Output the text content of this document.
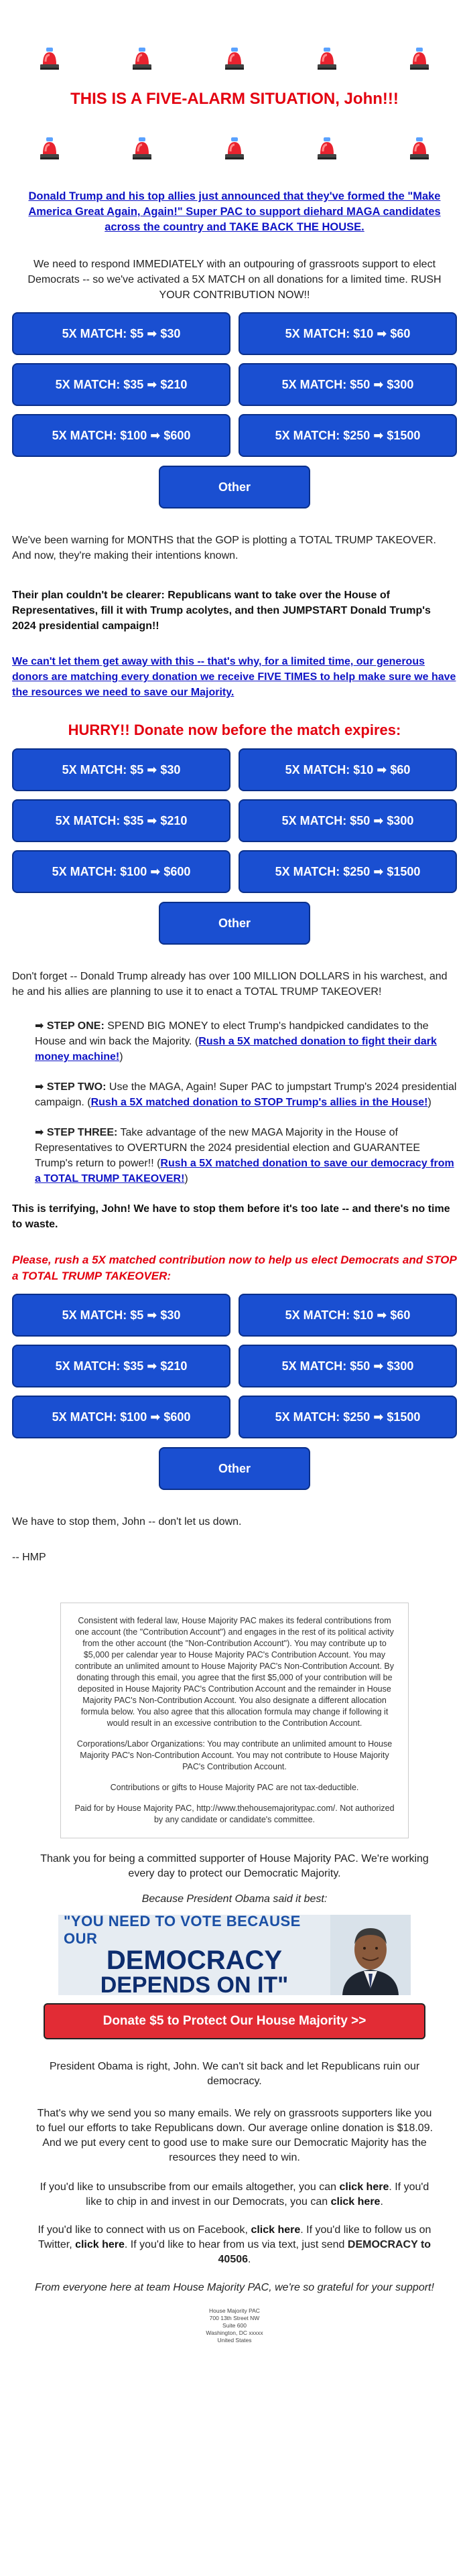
THIS IS A FIVE-ALARM SITUATION, John!!!
Donald Trump and his top allies just announced that they've formed the "Make America Great Again, Again!" Super PAC to support diehard MAGA candidates across the country and TAKE BACK THE HOUSE.

We need to respond IMMEDIATELY with an outpouring of grassroots support to elect Democrats -- so we've activated a 5X MATCH on all donations for a limited time. RUSH YOUR CONTRIBUTION NOW!!

5X MATCH: $5 ➡ $30	5X MATCH: $10 ➡ $60
5X MATCH: $35 ➡ $210	5X MATCH: $50 ➡ $300
5X MATCH: $100 ➡ $600	5X MATCH: $250 ➡ $1500
Other

We've been warning for MONTHS that the GOP is plotting a TOTAL TRUMP TAKEOVER. And now, they're making their intentions known.

Their plan couldn't be clearer: Republicans want to take over the House of Representatives, fill it with Trump acolytes, and then JUMPSTART Donald Trump's 2024 presidential campaign!!

We can't let them get away with this -- that's why, for a limited time, our generous donors are matching every donation we receive FIVE TIMES to help make sure we have the resources we need to save our Majority.
HURRY!! Donate now before the match expires:
5X MATCH: $5 ➡ $30	5X MATCH: $10 ➡ $60
5X MATCH: $35 ➡ $210	5X MATCH: $50 ➡ $300
5X MATCH: $100 ➡ $600	5X MATCH: $250 ➡ $1500
Other

Don't forget -- Donald Trump already has over 100 MILLION DOLLARS in his warchest, and he and his allies are planning to use it to enact a TOTAL TRUMP TAKEOVER!

➡ STEP ONE: SPEND BIG MONEY to elect Trump's handpicked candidates to the House and win back the Majority. (Rush a 5X matched donation to fight their dark money machine!)
➡ STEP TWO: Use the MAGA, Again! Super PAC to jumpstart Trump's 2024 presidential campaign. (Rush a 5X matched donation to STOP Trump's allies in the House!)
➡ STEP THREE: Take advantage of the new MAGA Majority in the House of Representatives to OVERTURN the 2024 presidential election and GUARANTEE Trump's return to power!! (Rush a 5X matched donation to save our democracy from a TOTAL TRUMP TAKEOVER!)

This is terrifying, John! We have to stop them before it's too late -- and there's no time to waste.

Please, rush a 5X matched contribution now to help us elect Democrats and STOP a TOTAL TRUMP TAKEOVER:

5X MATCH: $5 ➡ $30	5X MATCH: $10 ➡ $60
5X MATCH: $35 ➡ $210	5X MATCH: $50 ➡ $300
5X MATCH: $100 ➡ $600	5X MATCH: $250 ➡ $1500
Other

We have to stop them, John -- don't let us down.

-- HMP

Consistent with federal law, House Majority PAC makes its federal contributions from one account (the "Contribution Account") and engages in the rest of its political activity from the other account (the "Non-Contribution Account"). You may contribute up to $5,000 per calendar year to House Majority PAC's Contribution Account. You may contribute an unlimited amount to House Majority PAC's Non-Contribution Account. By donating through this email, you agree that the first $5,000 of your contribution will be deposited in House Majority PAC's Contribution Account and the remainder in House Majority PAC's Non-Contribution Account. You also designate a different allocation formula below. You also agree that this allocation formula may change if following it would result in an excessive contribution to the Contribution Account.

Corporations/Labor Organizations: You may contribute an unlimited amount to House Majority PAC's Non-Contribution Account. You may not contribute to House Majority PAC's Contribution Account.

Contributions or gifts to House Majority PAC are not tax-deductible.

Paid for by House Majority PAC, http://www.thehousemajoritypac.com/. Not authorized by any candidate or candidate's committee.

Thank you for being a committed supporter of House Majority PAC. We're working every day to protect our Democratic Majority.

Because President Obama said it best:

"YOU NEED TO VOTE BECAUSE OUR
DEMOCRACY
DEPENDS ON IT"
Donate $5 to Protect Our House Majority >>

President Obama is right, John. We can't sit back and let Republicans ruin our democracy.

That's why we send you so many emails. We rely on grassroots supporters like you to fuel our efforts to take Republicans down. Our average online donation is $18.09. And we put every cent to good use to make sure our Democratic Majority has the resources they need to win.

If you'd like to unsubscribe from our emails altogether, you can click here. If you'd like to chip in and invest in our Democrats, you can click here.

If you'd like to connect with us on Facebook, click here. If you'd like to follow us on Twitter, click here. If you'd like to hear from us via text, just send DEMOCRACY to 40506.

From everyone here at team House Majority PAC, we're so grateful for your support!

House Majority PAC
700 13th Street NW
Suite 600
Washington, DC xxxxx
United States
